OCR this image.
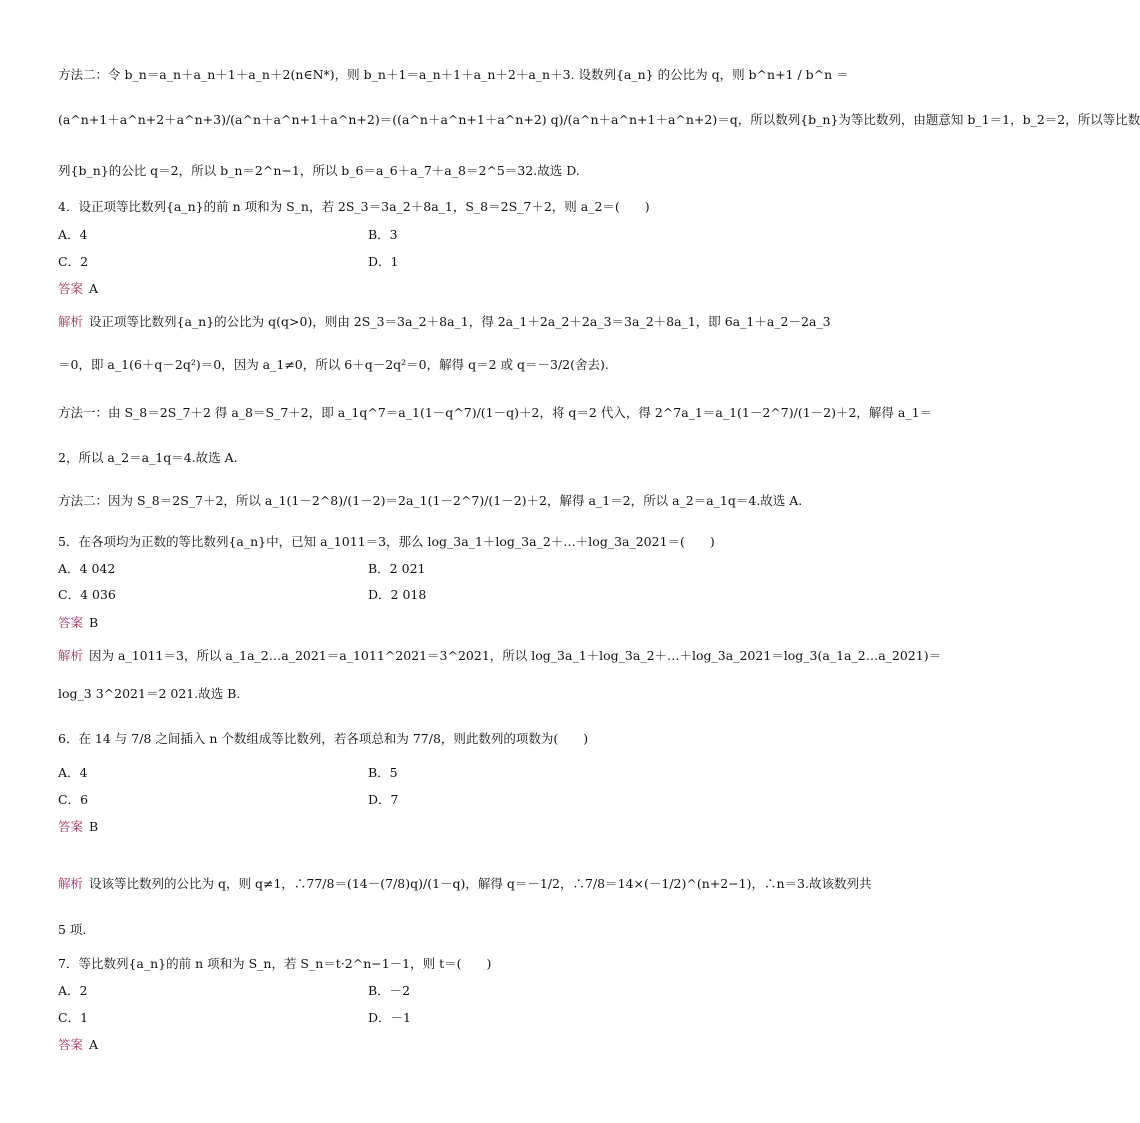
方法二：令 b_n＝a_n＋a_n＋1＋a_n＋2(n∈N*)，则 b_n＋1＝a_n＋1＋a_n＋2＋a_n＋3. 设数列{a_n} 的公比为 q，则 b^n+1 / b^n ＝
(a^n+1＋a^n+2＋a^n+3)/(a^n＋a^n+1＋a^n+2)＝((a^n＋a^n+1＋a^n+2) q)/(a^n＋a^n+1＋a^n+2)＝q，所以数列{b_n}为等比数列，由题意知 b_1＝1，b_2＝2，所以等比数
列{b_n}的公比 q＝2，所以 b_n＝2^n−1，所以 b_6＝a_6＋a_7＋a_8＝2^5＝32.故选 D.
4．设正项等比数列{a_n}的前 n 项和为 S_n，若 2S_3＝3a_2＋8a_1，S_8＝2S_7＋2，则 a_2＝(　　)
A．4	B．3
C．2	D．1
答案 A
解析 设正项等比数列{a_n}的公比为 q(q>0)，则由 2S_3＝3a_2＋8a_1，得 2a_1＋2a_2＋2a_3＝3a_2＋8a_1，即 6a_1＋a_2－2a_3
＝0，即 a_1(6＋q－2q²)＝0，因为 a_1≠0，所以 6＋q－2q²＝0，解得 q＝2 或 q＝－3/2(舍去).
方法一：由 S_8＝2S_7＋2 得 a_8＝S_7＋2，即 a_1q^7＝a_1(1－q^7)/(1－q)＋2，将 q＝2 代入，得 2^7a_1＝a_1(1－2^7)/(1－2)＋2，解得 a_1＝
2，所以 a_2＝a_1q＝4.故选 A.
方法二：因为 S_8＝2S_7＋2，所以 a_1(1－2^8)/(1－2)＝2a_1(1－2^7)/(1－2)＋2，解得 a_1＝2，所以 a_2＝a_1q＝4.故选 A.
5．在各项均为正数的等比数列{a_n}中，已知 a_1011＝3，那么 log_3a_1＋log_3a_2＋…＋log_3a_2021＝(　　)
A．4 042	B．2 021
C．4 036	D．2 018
答案 B
解析 因为 a_1011＝3，所以 a_1a_2…a_2021＝a_1011^2021＝3^2021，所以 log_3a_1＋log_3a_2＋…＋log_3a_2021＝log_3(a_1a_2…a_2021)＝
log_3 3^2021＝2 021.故选 B.
6．在 14 与 7/8 之间插入 n 个数组成等比数列，若各项总和为 77/8，则此数列的项数为(　　)
A．4	B．5
C．6	D．7
答案 B
解析 设该等比数列的公比为 q，则 q≠1，∴77/8＝(14－(7/8)q)/(1－q)，解得 q＝－1/2，∴7/8＝14×(－1/2)^(n+2−1)，∴n＝3.故该数列共
5 项.
7．等比数列{a_n}的前 n 项和为 S_n，若 S_n＝t·2^n−1－1，则 t＝(　　)
A．2	B．－2
C．1	D．－1
答案 A
